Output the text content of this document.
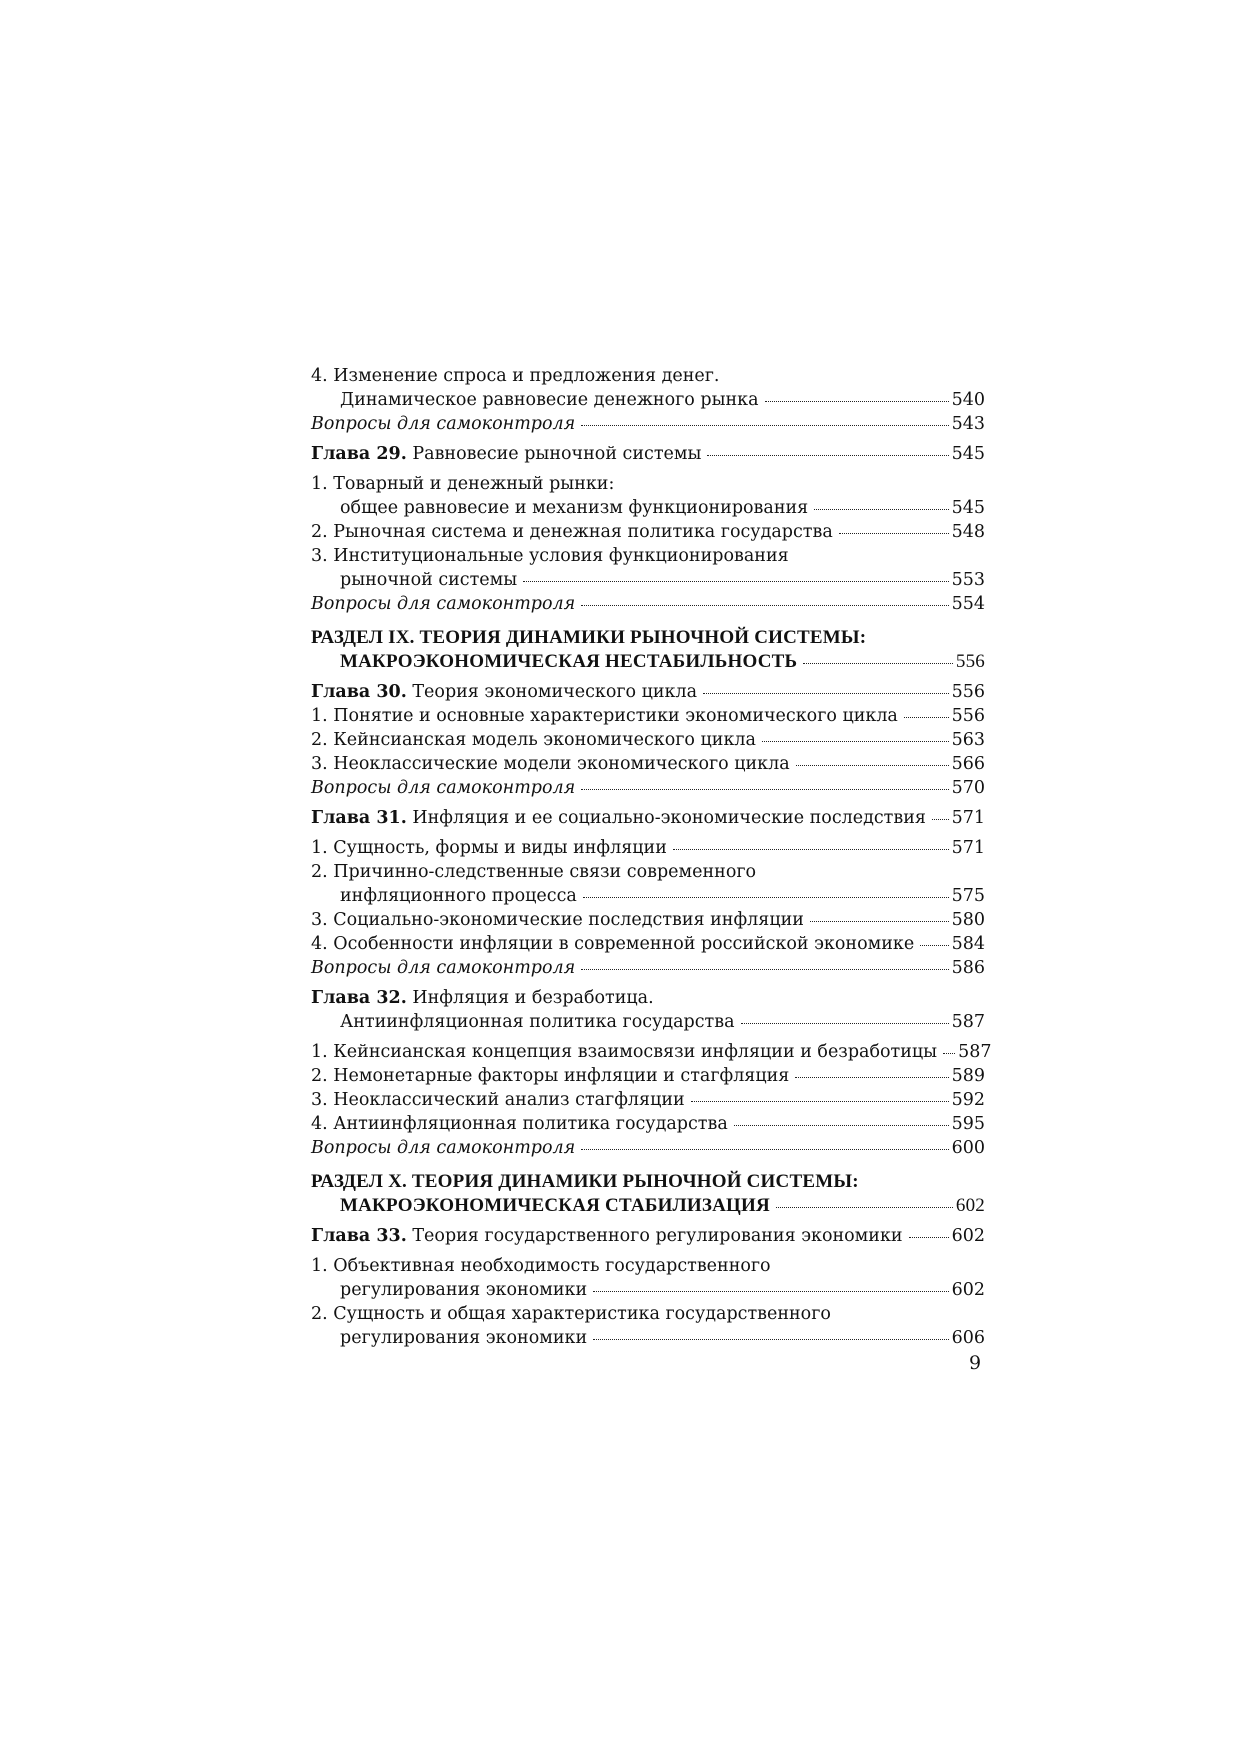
4. Изменение спроса и предложения денег.
Динамическое равновесие денежного рынка	540
Вопросы для самоконтроля	543
Глава 29. Равновесие рыночной системы	545
1. Товарный и денежный рынки:
общее равновесие и механизм функционирования	545
2. Рыночная система и денежная политика государства	548
3. Институциональные условия функционирования
рыночной системы	553
Вопросы для самоконтроля	554
РАЗДЕЛ IX. ТЕОРИЯ ДИНАМИКИ РЫНОЧНОЙ СИСТЕМЫ:
МАКРОЭКОНОМИЧЕСКАЯ НЕСТАБИЛЬНОСТЬ	556
Глава 30. Теория экономического цикла	556
1. Понятие и основные характеристики экономического цикла	556
2. Кейнсианская модель экономического цикла	563
3. Неоклассические модели экономического цикла	566
Вопросы для самоконтроля	570
Глава 31. Инфляция и ее социально-экономические последствия 571
1. Сущность, формы и виды инфляции	571
2. Причинно-следственные связи современного
инфляционного процесса	575
3. Социально-экономические последствия инфляции	580
4. Особенности инфляции в современной российской экономике 584
Вопросы для самоконтроля	586
Глава 32. Инфляция и безработица.
Антиинфляционная политика государства	587
1. Кейнсианская концепция взаимосвязи инфляции и безработицы 587
2. Немонетарные факторы инфляции и стагфляция	589
3. Неоклассический анализ стагфляции	592
4. Антиинфляционная политика государства	595
Вопросы для самоконтроля	600
РАЗДЕЛ X. ТЕОРИЯ ДИНАМИКИ РЫНОЧНОЙ СИСТЕМЫ:
МАКРОЭКОНОМИЧЕСКАЯ СТАБИЛИЗАЦИЯ	602
Глава 33. Теория государственного регулирования экономики	602
1. Объективная необходимость государственного
регулирования экономики	602
2. Сущность и общая характеристика государственного
регулирования экономики	606
9
